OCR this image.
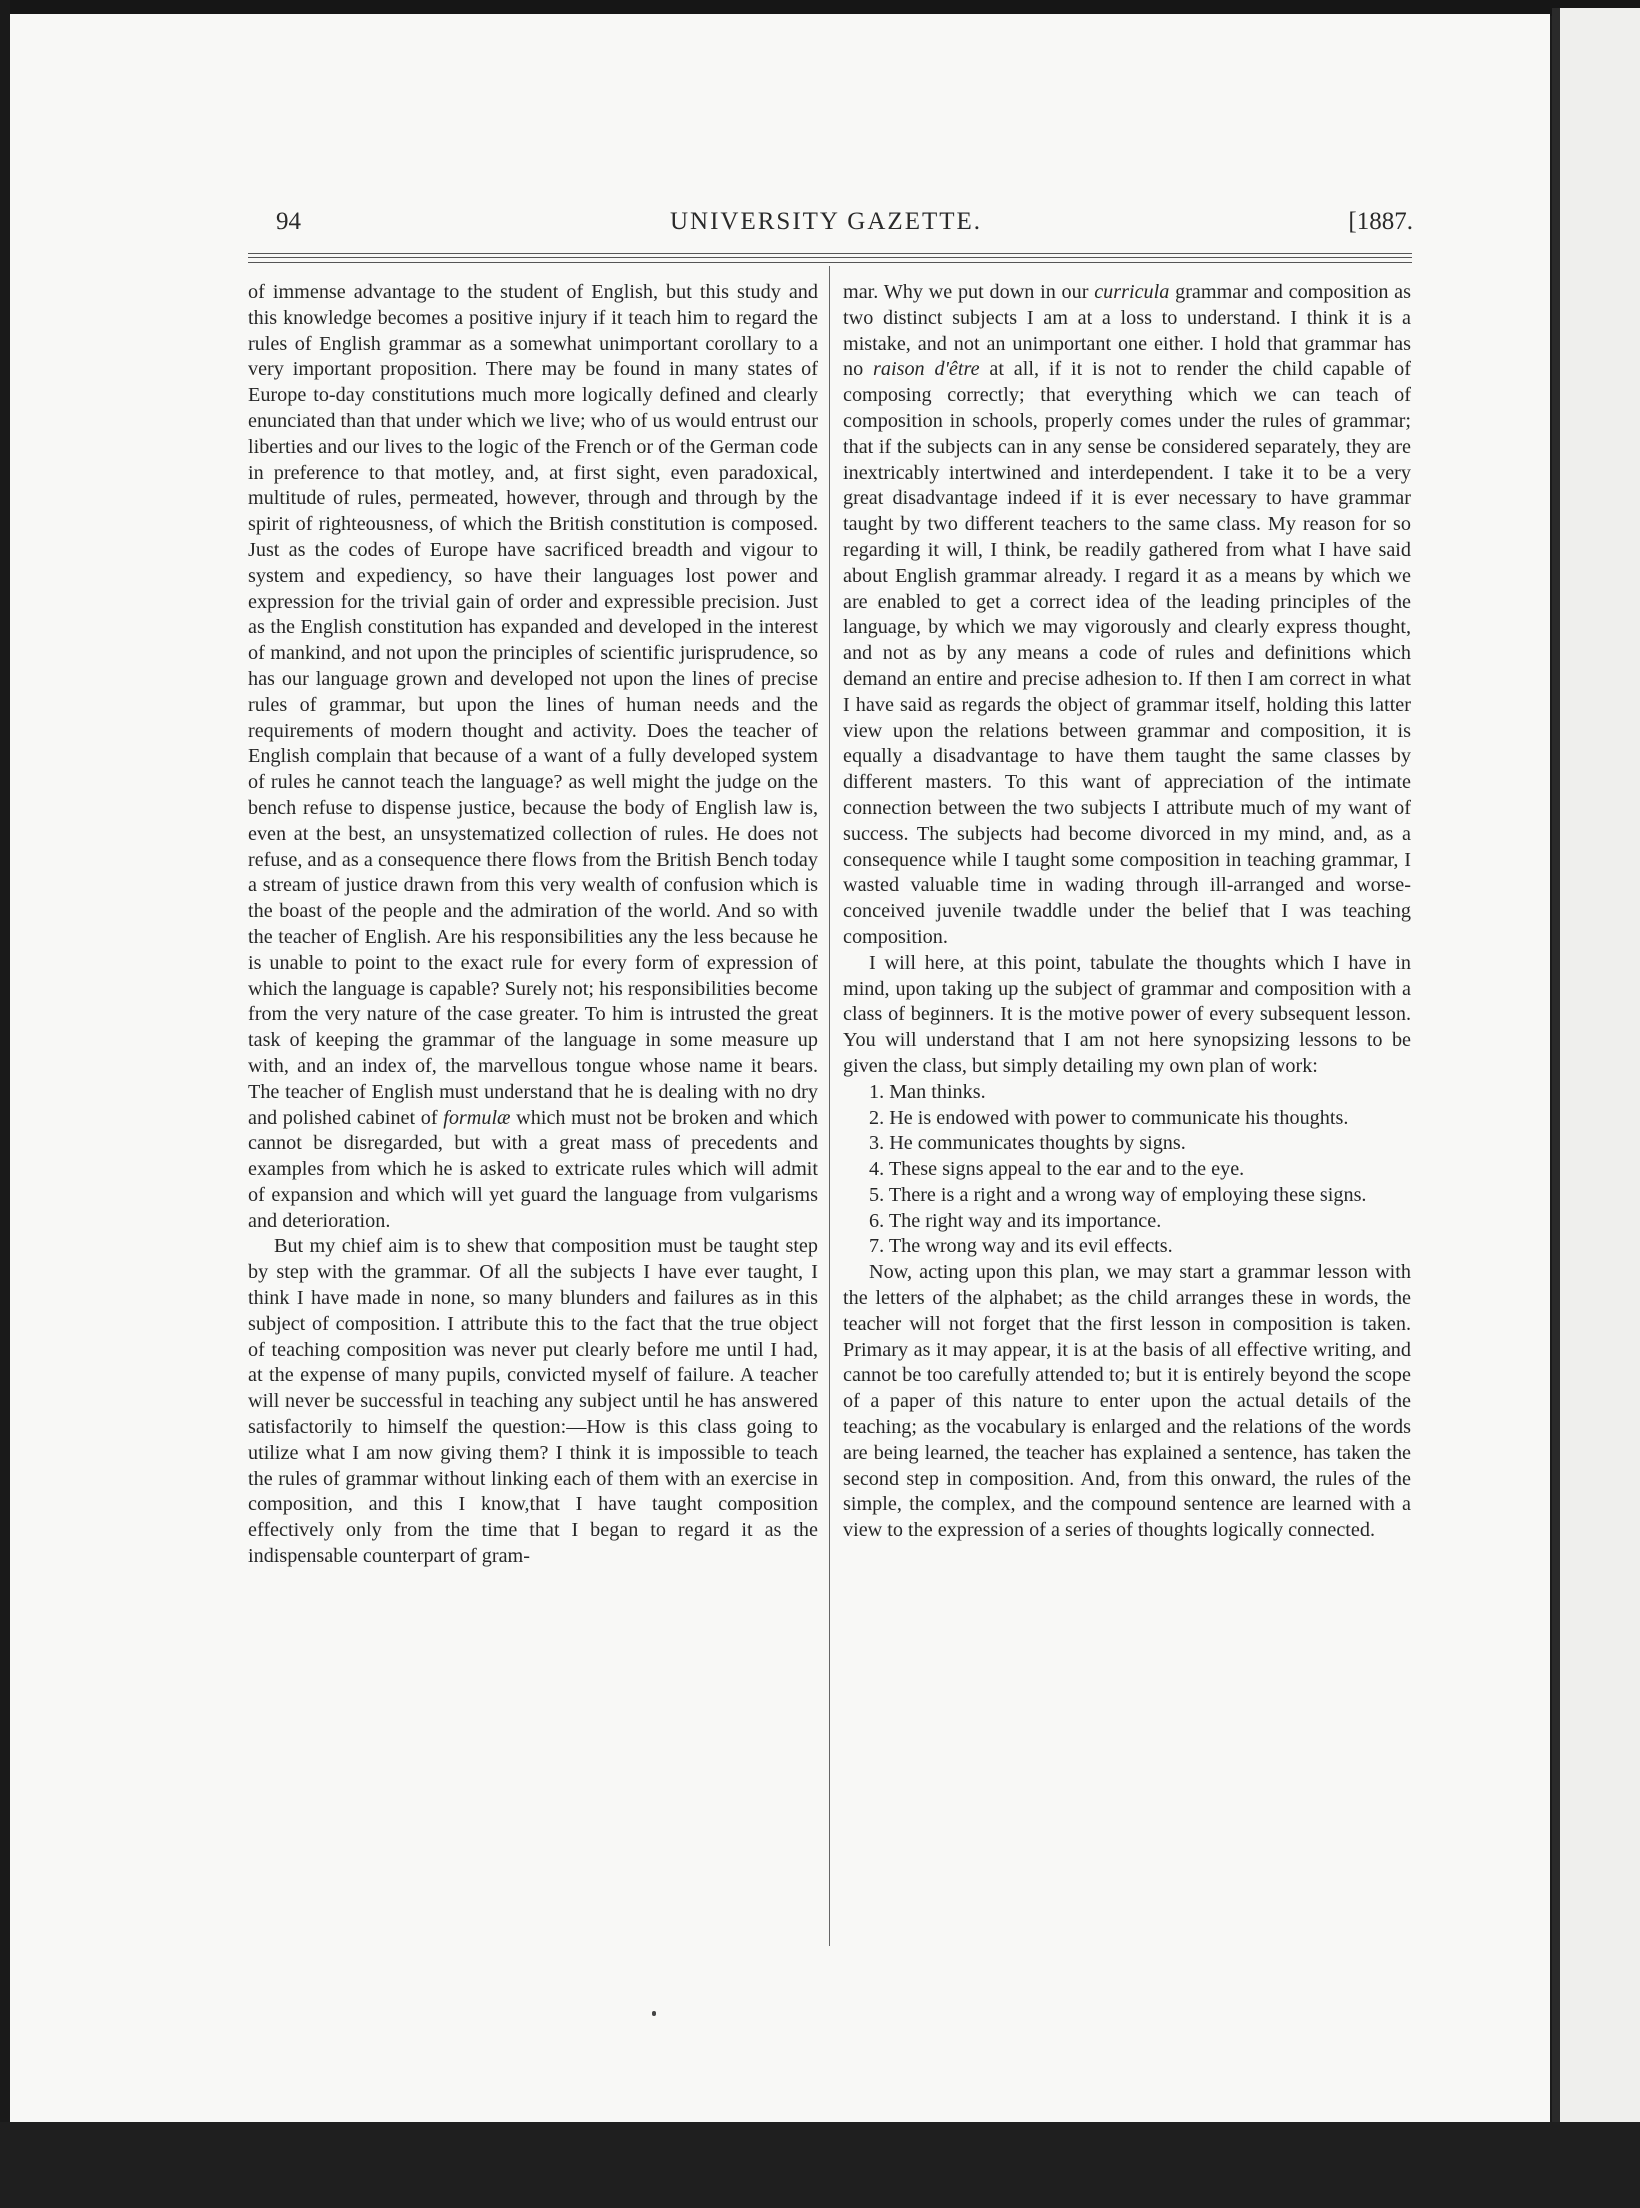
94	UNIVERSITY GAZETTE.	[1887.

of immense advantage to the student of English, but this study and this knowledge becomes a positive injury if it teach him to regard the rules of English grammar as a somewhat unimportant corollary to a very important proposition. There may be found in many states of Europe to-day constitutions much more logically defined and clearly enunciated than that under which we live; who of us would entrust our liberties and our lives to the logic of the French or of the German code in preference to that motley, and, at first sight, even paradoxical, multitude of rules, permeated, however, through and through by the spirit of righteousness, of which the British constitution is composed. Just as the codes of Europe have sacrificed breadth and vigour to system and expediency, so have their languages lost power and expression for the trivial gain of order and expressible precision. Just as the English constitution has expanded and developed in the interest of mankind, and not upon the principles of scientific jurisprudence, so has our language grown and developed not upon the lines of precise rules of grammar, but upon the lines of human needs and the requirements of modern thought and activity. Does the teacher of English complain that because of a want of a fully developed system of rules he cannot teach the language? as well might the judge on the bench refuse to dispense justice, because the body of English law is, even at the best, an unsystematized collection of rules. He does not refuse, and as a consequence there flows from the British Bench today a stream of justice drawn from this very wealth of confusion which is the boast of the people and the admiration of the world. And so with the teacher of English. Are his responsibilities any the less because he is unable to point to the exact rule for every form of expression of which the language is capable? Surely not; his responsibilities become from the very nature of the case greater. To him is intrusted the great task of keeping the grammar of the language in some measure up with, and an index of, the marvellous tongue whose name it bears. The teacher of English must understand that he is dealing with no dry and polished cabinet of formulæ which must not be broken and which cannot be disregarded, but with a great mass of precedents and examples from which he is asked to extricate rules which will admit of expansion and which will yet guard the language from vulgarisms and deterioration.

But my chief aim is to shew that composition must be taught step by step with the grammar. Of all the subjects I have ever taught, I think I have made in none, so many blunders and failures as in this subject of composition. I attribute this to the fact that the true object of teaching composition was never put clearly before me until I had, at the expense of many pupils, convicted myself of failure. A teacher will never be successful in teaching any subject until he has answered satisfactorily to himself the question:—How is this class going to utilize what I am now giving them? I think it is impossible to teach the rules of grammar without linking each of them with an exercise in composition, and this I know,that I have taught composition effectively only from the time that I began to regard it as the indispensable counterpart of gram-

mar. Why we put down in our curricula grammar and composition as two distinct subjects I am at a loss to understand. I think it is a mistake, and not an unimportant one either. I hold that grammar has no raison d'être at all, if it is not to render the child capable of composing correctly; that everything which we can teach of composition in schools, properly comes under the rules of grammar; that if the subjects can in any sense be considered separately, they are inextricably intertwined and interdependent. I take it to be a very great disadvantage indeed if it is ever necessary to have grammar taught by two different teachers to the same class. My reason for so regarding it will, I think, be readily gathered from what I have said about English grammar already. I regard it as a means by which we are enabled to get a correct idea of the leading principles of the language, by which we may vigorously and clearly express thought, and not as by any means a code of rules and definitions which demand an entire and precise adhesion to. If then I am correct in what I have said as regards the object of grammar itself, holding this latter view upon the relations between grammar and composition, it is equally a disadvantage to have them taught the same classes by different masters. To this want of appreciation of the intimate connection between the two subjects I attribute much of my want of success. The subjects had become divorced in my mind, and, as a consequence while I taught some composition in teaching grammar, I wasted valuable time in wading through ill-arranged and worse-conceived juvenile twaddle under the belief that I was teaching composition.

I will here, at this point, tabulate the thoughts which I have in mind, upon taking up the subject of grammar and composition with a class of beginners. It is the motive power of every subsequent lesson. You will understand that I am not here synopsizing lessons to be given the class, but simply detailing my own plan of work:

1. Man thinks.

2. He is endowed with power to communicate his thoughts.

3. He communicates thoughts by signs.

4. These signs appeal to the ear and to the eye.

5. There is a right and a wrong way of employing these signs.

6. The right way and its importance.

7. The wrong way and its evil effects.

Now, acting upon this plan, we may start a grammar lesson with the letters of the alphabet; as the child arranges these in words, the teacher will not forget that the first lesson in composition is taken. Primary as it may appear, it is at the basis of all effective writing, and cannot be too carefully attended to; but it is entirely beyond the scope of a paper of this nature to enter upon the actual details of the teaching; as the vocabulary is enlarged and the relations of the words are being learned, the teacher has explained a sentence, has taken the second step in composition. And, from this onward, the rules of the simple, the complex, and the compound sentence are learned with a view to the expression of a series of thoughts logically connected.
